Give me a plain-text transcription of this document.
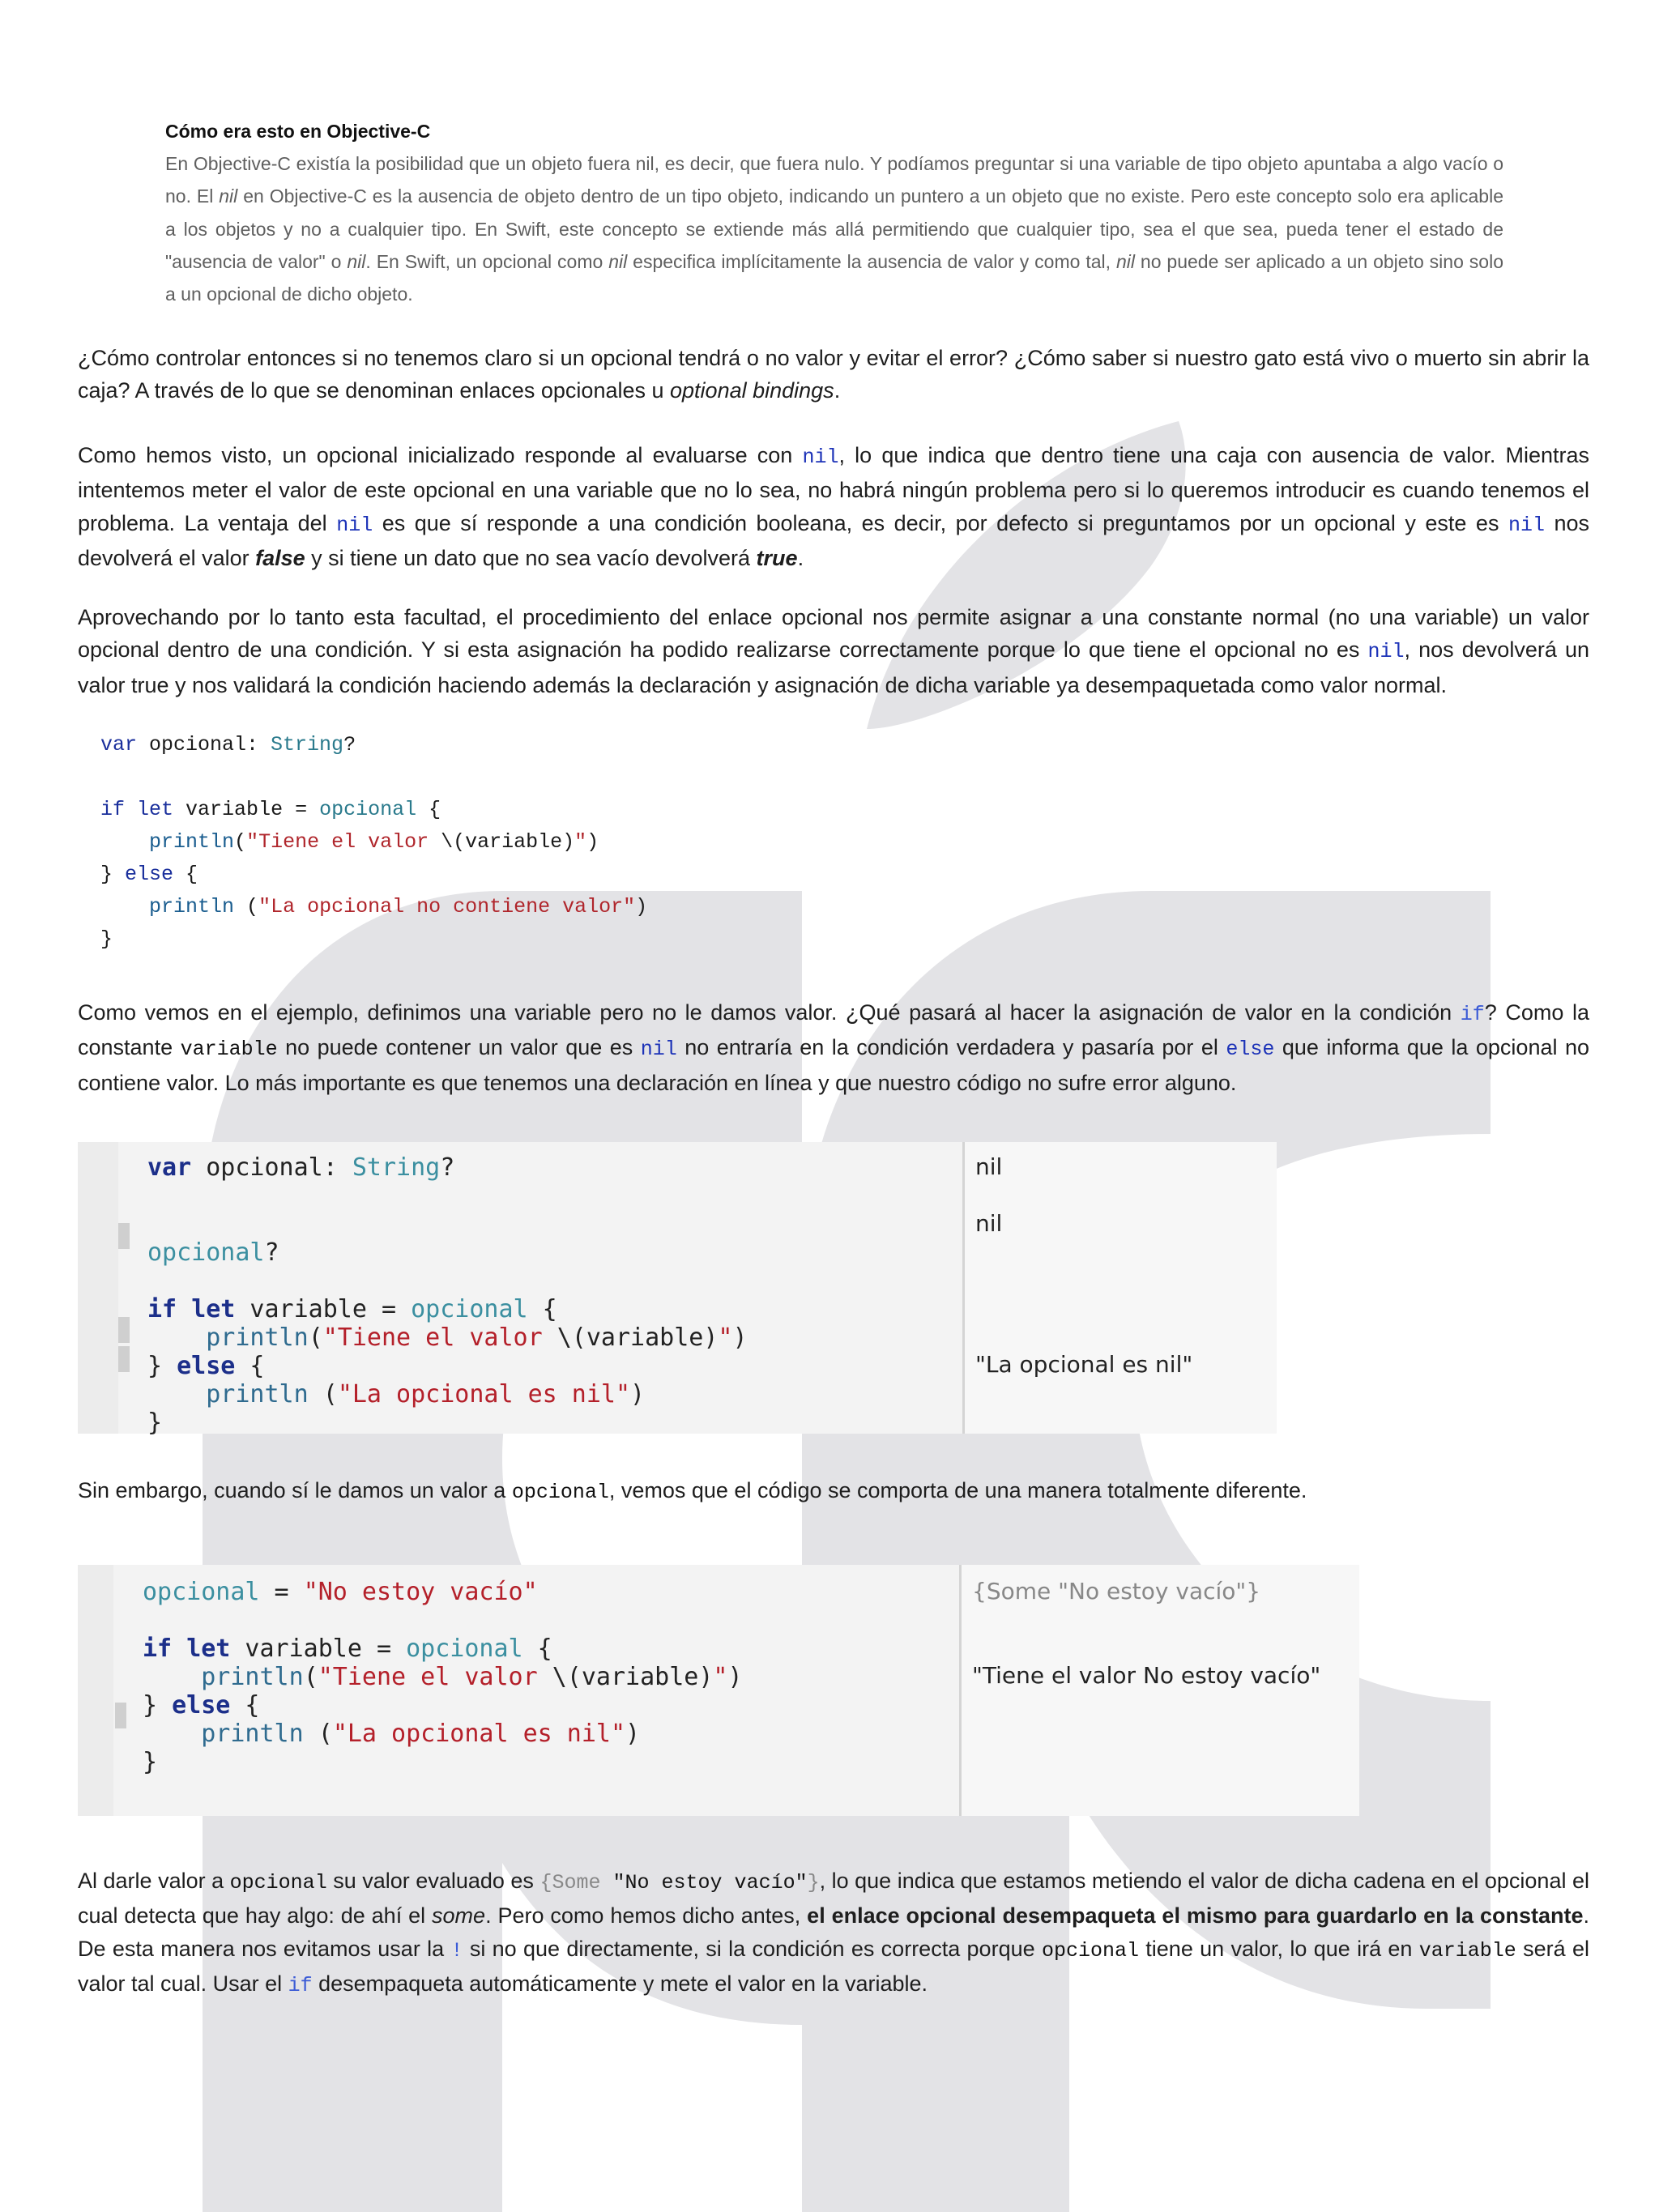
Cómo era esto en Objective-C

En Objective-C existía la posibilidad que un objeto fuera nil, es decir, que fuera nulo. Y podíamos preguntar si una variable de tipo objeto apuntaba a algo vacío o no. El nil en Objective-C es la ausencia de objeto dentro de un tipo objeto, indicando un puntero a un objeto que no existe. Pero este concepto solo era aplicable a los objetos y no a cualquier tipo. En Swift, este concepto se extiende más allá permitiendo que cualquier tipo, sea el que sea, pueda tener el estado de "ausencia de valor" o nil. En Swift, un opcional como nil especifica implícitamente la ausencia de valor y como tal, nil no puede ser aplicado a un objeto sino solo a un opcional de dicho objeto.

¿Cómo controlar entonces si no tenemos claro si un opcional tendrá o no valor y evitar el error? ¿Cómo saber si nuestro gato está vivo o muerto sin abrir la caja? A través de lo que se denominan enlaces opcionales u optional bindings.

Como hemos visto, un opcional inicializado responde al evaluarse con nil, lo que indica que dentro tiene una caja con ausencia de valor. Mientras intentemos meter el valor de este opcional en una variable que no lo sea, no habrá ningún problema pero si lo queremos introducir es cuando tenemos el problema. La ventaja del nil es que sí responde a una condición booleana, es decir, por defecto si preguntamos por un opcional y este es nil nos devolverá el valor false y si tiene un dato que no sea vacío devolverá true.

Aprovechando por lo tanto esta facultad, el procedimiento del enlace opcional nos permite asignar a una constante normal (no una variable) un valor opcional dentro de una condición. Y si esta asignación ha podido realizarse correctamente porque lo que tiene el opcional no es nil, nos devolverá un valor true y nos validará la condición haciendo además la declaración y asignación de dicha variable ya desempaquetada como valor normal.

var opcional: String?

if let variable = opcional {
println("Tiene el valor \(variable)")
} else {
println ("La opcional no contiene valor")
}

Como vemos en el ejemplo, definimos una variable pero no le damos valor. ¿Qué pasará al hacer la asignación de valor en la condición if? Como la constante variable no puede contener un valor que es nil no entraría en la condición verdadera y pasaría por el else que informa que la opcional no contiene valor. Lo más importante es que tenemos una declaración en línea y que nuestro código no sufre error alguno.

var opcional: String?

opcional?

if let variable = opcional {
println("Tiene el valor \(variable)")
} else {
println ("La opcional es nil")
}
nil
nil
"La opcional es nil"

Sin embargo, cuando sí le damos un valor a opcional, vemos que el código se comporta de una manera totalmente diferente.

opcional = "No estoy vacío"

if let variable = opcional {
println("Tiene el valor \(variable)")
} else {
println ("La opcional es nil")
}
{Some "No estoy vacío"}
"Tiene el valor No estoy vacío"

Al darle valor a opcional su valor evaluado es {Some "No estoy vacío"}, lo que indica que estamos metiendo el valor de dicha cadena en el opcional el cual detecta que hay algo: de ahí el some. Pero como hemos dicho antes, el enlace opcional desempaqueta el mismo para guardarlo en la constante. De esta manera nos evitamos usar la ! si no que directamente, si la condición es correcta porque opcional tiene un valor, lo que irá en variable será el valor tal cual. Usar el if desempaqueta automáticamente y mete el valor en la variable.
